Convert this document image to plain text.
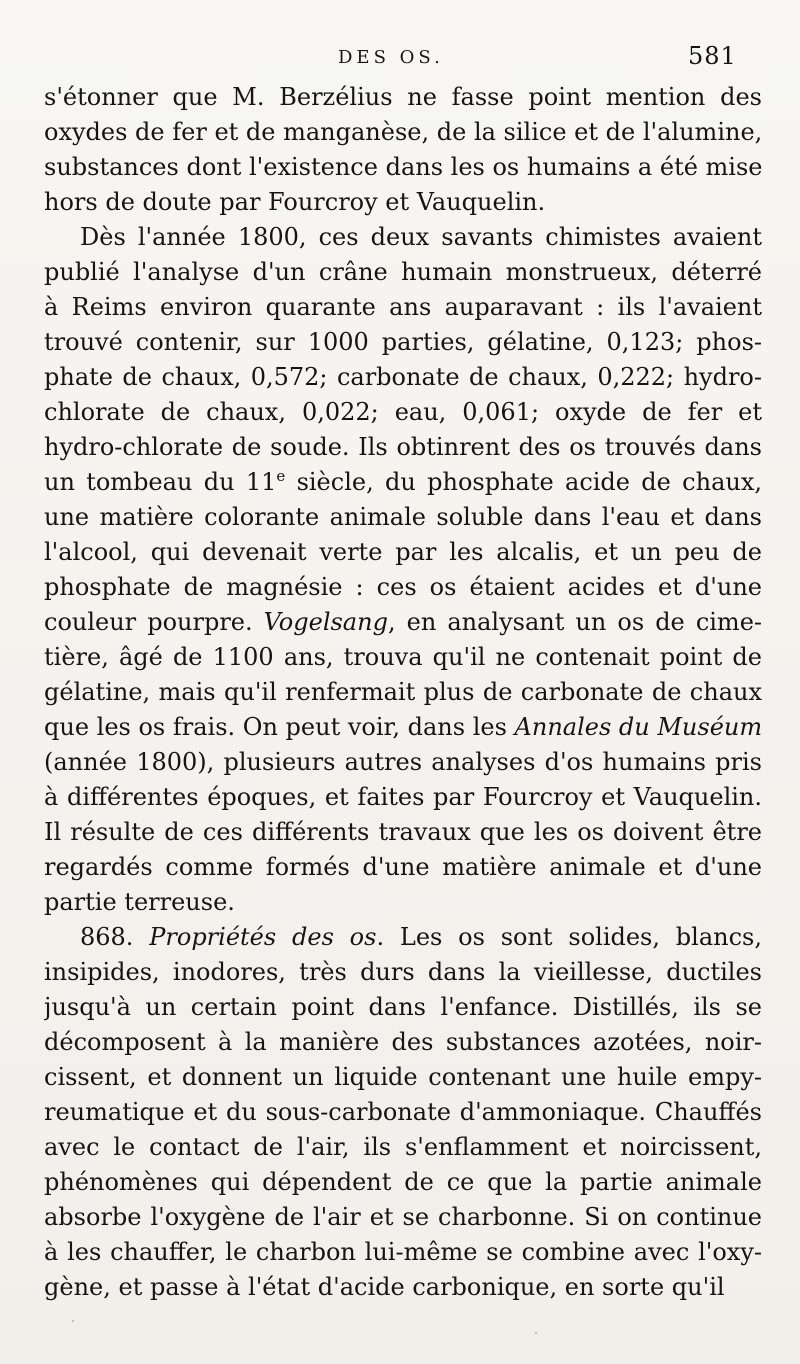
DES OS.	581
s'étonner que M. Berzélius ne fasse point mention des
oxydes de fer et de manganèse, de la silice et de l'alumine,
substances dont l'existence dans les os humains a été mise
hors de doute par Fourcroy et Vauquelin.
Dès l'année 1800, ces deux savants chimistes avaient
publié l'analyse d'un crâne humain monstrueux, déterré
à Reims environ quarante ans auparavant : ils l'avaient
trouvé contenir, sur 1000 parties, gélatine, 0,123; phos-
phate de chaux, 0,572; carbonate de chaux, 0,222; hydro-
chlorate de chaux, 0,022; eau, 0,061; oxyde de fer et
hydro-chlorate de soude. Ils obtinrent des os trouvés dans
un tombeau du 11e siècle, du phosphate acide de chaux,
une matière colorante animale soluble dans l'eau et dans
l'alcool, qui devenait verte par les alcalis, et un peu de
phosphate de magnésie : ces os étaient acides et d'une
couleur pourpre. Vogelsang, en analysant un os de cime-
tière, âgé de 1100 ans, trouva qu'il ne contenait point de
gélatine, mais qu'il renfermait plus de carbonate de chaux
que les os frais. On peut voir, dans les Annales du Muséum
(année 1800), plusieurs autres analyses d'os humains pris
à différentes époques, et faites par Fourcroy et Vauquelin.
Il résulte de ces différents travaux que les os doivent être
regardés comme formés d'une matière animale et d'une
partie terreuse.
868. Propriétés des os. Les os sont solides, blancs,
insipides, inodores, très durs dans la vieillesse, ductiles
jusqu'à un certain point dans l'enfance. Distillés, ils se
décomposent à la manière des substances azotées, noir-
cissent, et donnent un liquide contenant une huile empy-
reumatique et du sous-carbonate d'ammoniaque. Chauffés
avec le contact de l'air, ils s'enflamment et noircissent,
phénomènes qui dépendent de ce que la partie animale
absorbe l'oxygène de l'air et se charbonne. Si on continue
à les chauffer, le charbon lui-même se combine avec l'oxy-
gène, et passe à l'état d'acide carbonique, en sorte qu'il
